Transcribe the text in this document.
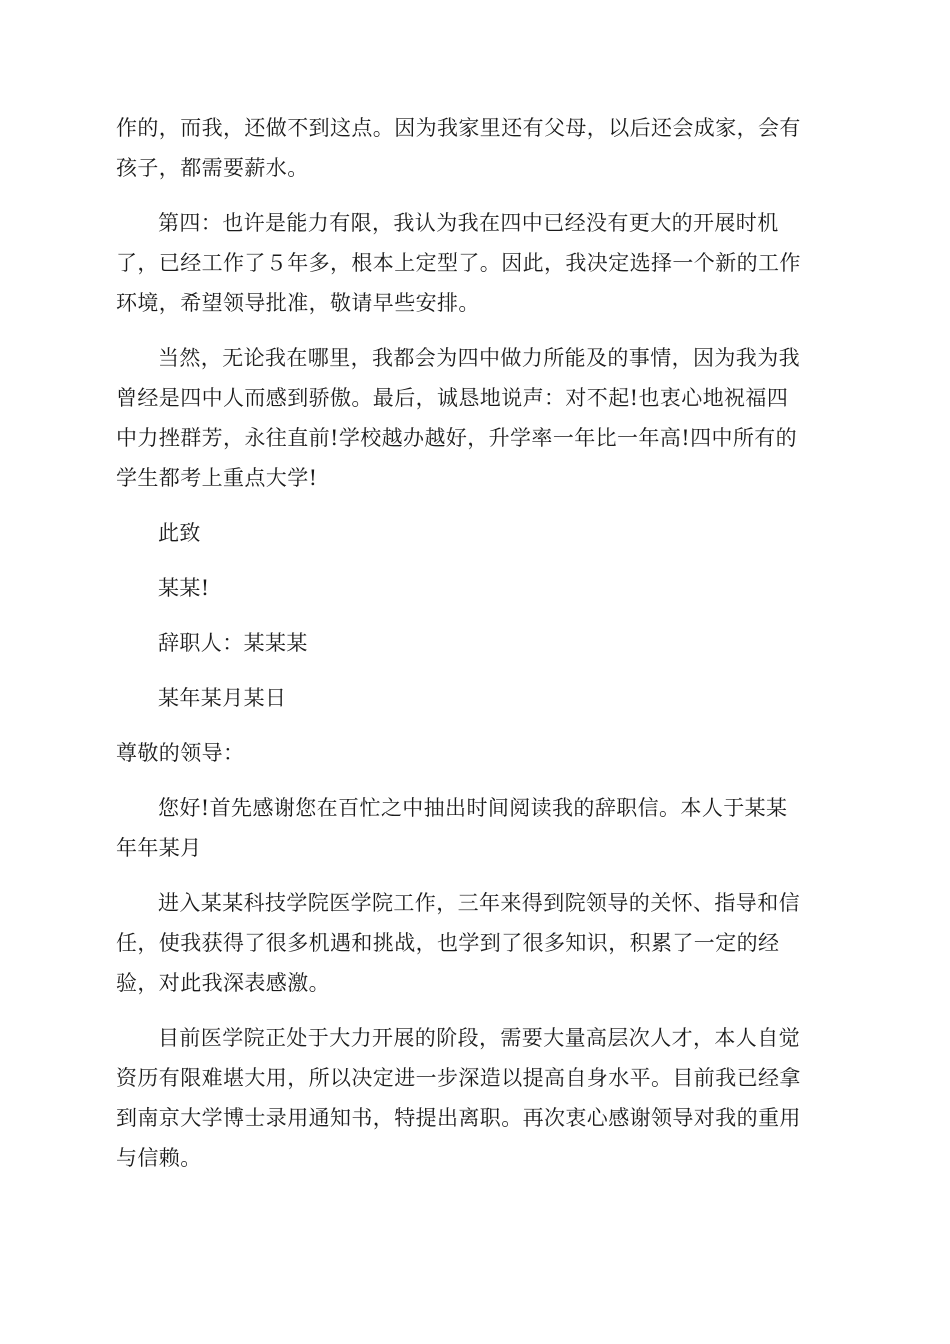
作的，而我，还做不到这点。因为我家里还有父母，以后还会成家，会有
孩子，都需要薪水。

第四：也许是能力有限，我认为我在四中已经没有更大的开展时机
了，已经工作了５年多，根本上定型了。因此，我决定选择一个新的工作
环境，希望领导批准，敬请早些安排。

当然，无论我在哪里，我都会为四中做力所能及的事情，因为我为我
曾经是四中人而感到骄傲。最后，诚恳地说声：对不起!也衷心地祝福四
中力挫群芳，永往直前!学校越办越好，升学率一年比一年高!四中所有的
学生都考上重点大学!

此致

某某!

辞职人：某某某

某年某月某日

尊敬的领导：

您好!首先感谢您在百忙之中抽出时间阅读我的辞职信。本人于某某
年年某月

进入某某科技学院医学院工作，三年来得到院领导的关怀、指导和信
任，使我获得了很多机遇和挑战，也学到了很多知识，积累了一定的经
验，对此我深表感激。

目前医学院正处于大力开展的阶段，需要大量高层次人才，本人自觉
资历有限难堪大用，所以决定进一步深造以提高自身水平。目前我已经拿
到南京大学博士录用通知书，特提出离职。再次衷心感谢领导对我的重用
与信赖。
